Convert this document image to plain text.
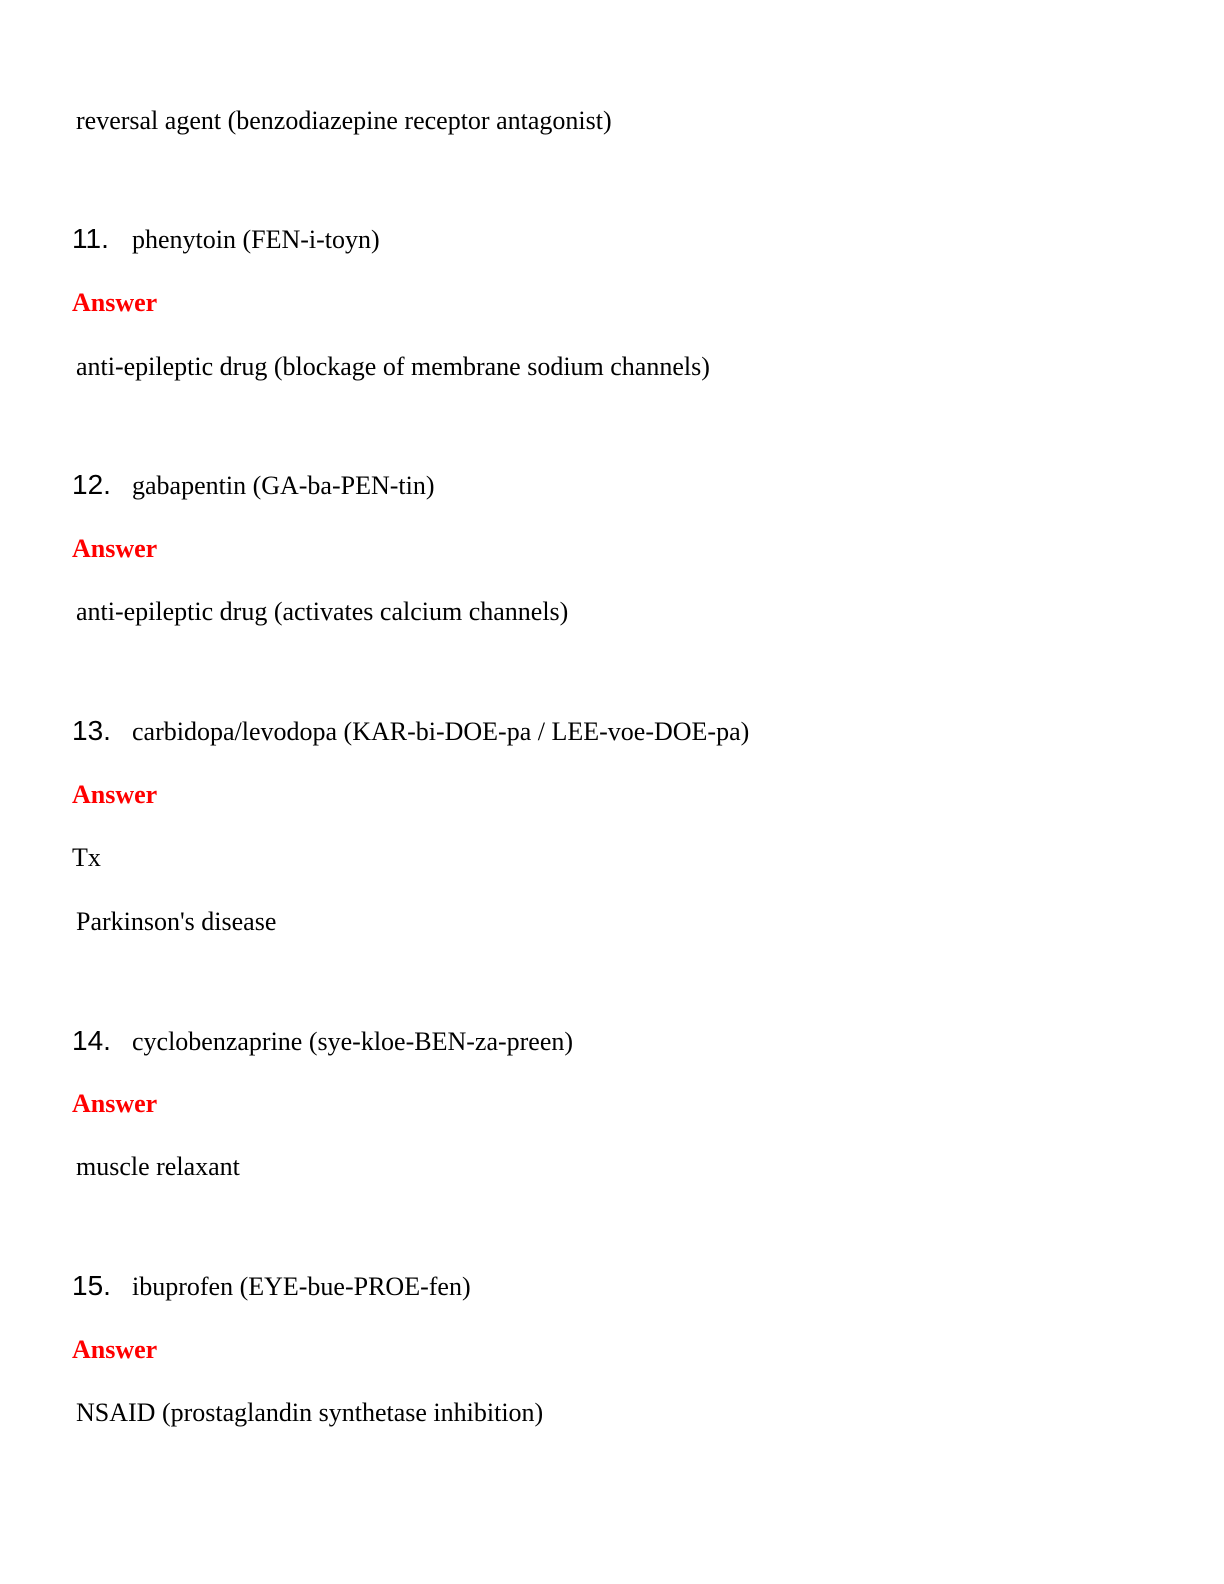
reversal agent (benzodiazepine receptor antagonist)
11. phenytoin (FEN-i-toyn)
Answer
anti-epileptic drug (blockage of membrane sodium channels)
12. gabapentin (GA-ba-PEN-tin)
Answer
anti-epileptic drug (activates calcium channels)
13. carbidopa/levodopa (KAR-bi-DOE-pa / LEE-voe-DOE-pa)
Answer
Tx
Parkinson's disease
14. cyclobenzaprine (sye-kloe-BEN-za-preen)
Answer
muscle relaxant
15. ibuprofen (EYE-bue-PROE-fen)
Answer
NSAID (prostaglandin synthetase inhibition)
